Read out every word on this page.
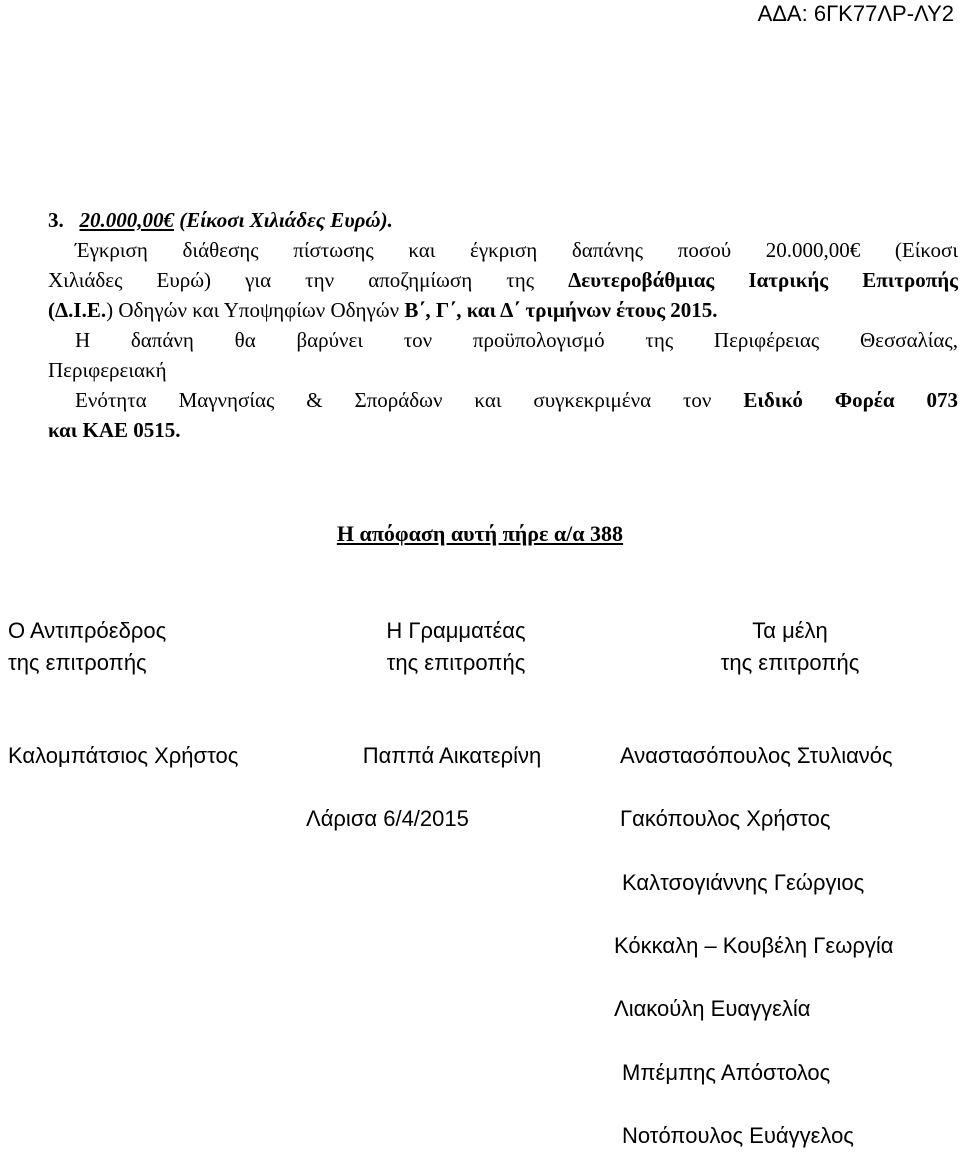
ΑΔΑ: 6ΓΚ77ΛΡ-ΛΥ2

3. 20.000,00€ (Είκοσι Χιλιάδες Ευρώ).

Έγκριση διάθεσης πίστωσης και έγκριση δαπάνης ποσού 20.000,00€ (Είκοσι

Χιλιάδες Ευρώ) για την αποζημίωση της Δευτεροβάθμιας Ιατρικής Επιτροπής

(Δ.Ι.Ε.) Οδηγών και Υποψηφίων Οδηγών Β΄, Γ΄, και Δ΄ τριμήνων έτους 2015.

Η δαπάνη θα βαρύνει τον προϋπολογισμό της Περιφέρειας Θεσσαλίας,

Περιφερειακή

Ενότητα Μαγνησίας & Σποράδων και συγκεκριμένα τον Ειδικό Φορέα 073

και ΚΑΕ 0515.

Η απόφαση αυτή πήρε α/α 388
Ο Αντιπρόεδρος
της επιτροπής
Καλομπάτσιος Χρήστος
Η Γραμματέας
της επιτροπής
Παππά Αικατερίνη
Λάρισα 6/4/2015
Τα μέλη
της επιτροπής
Αναστασόπουλος Στυλιανός
Γακόπουλος Χρήστος
Καλτσογιάννης Γεώργιος
Κόκκαλη – Κουβέλη Γεωργία
Λιακούλη Ευαγγελία
Μπέμπης Απόστολος
Νοτόπουλος Ευάγγελος
